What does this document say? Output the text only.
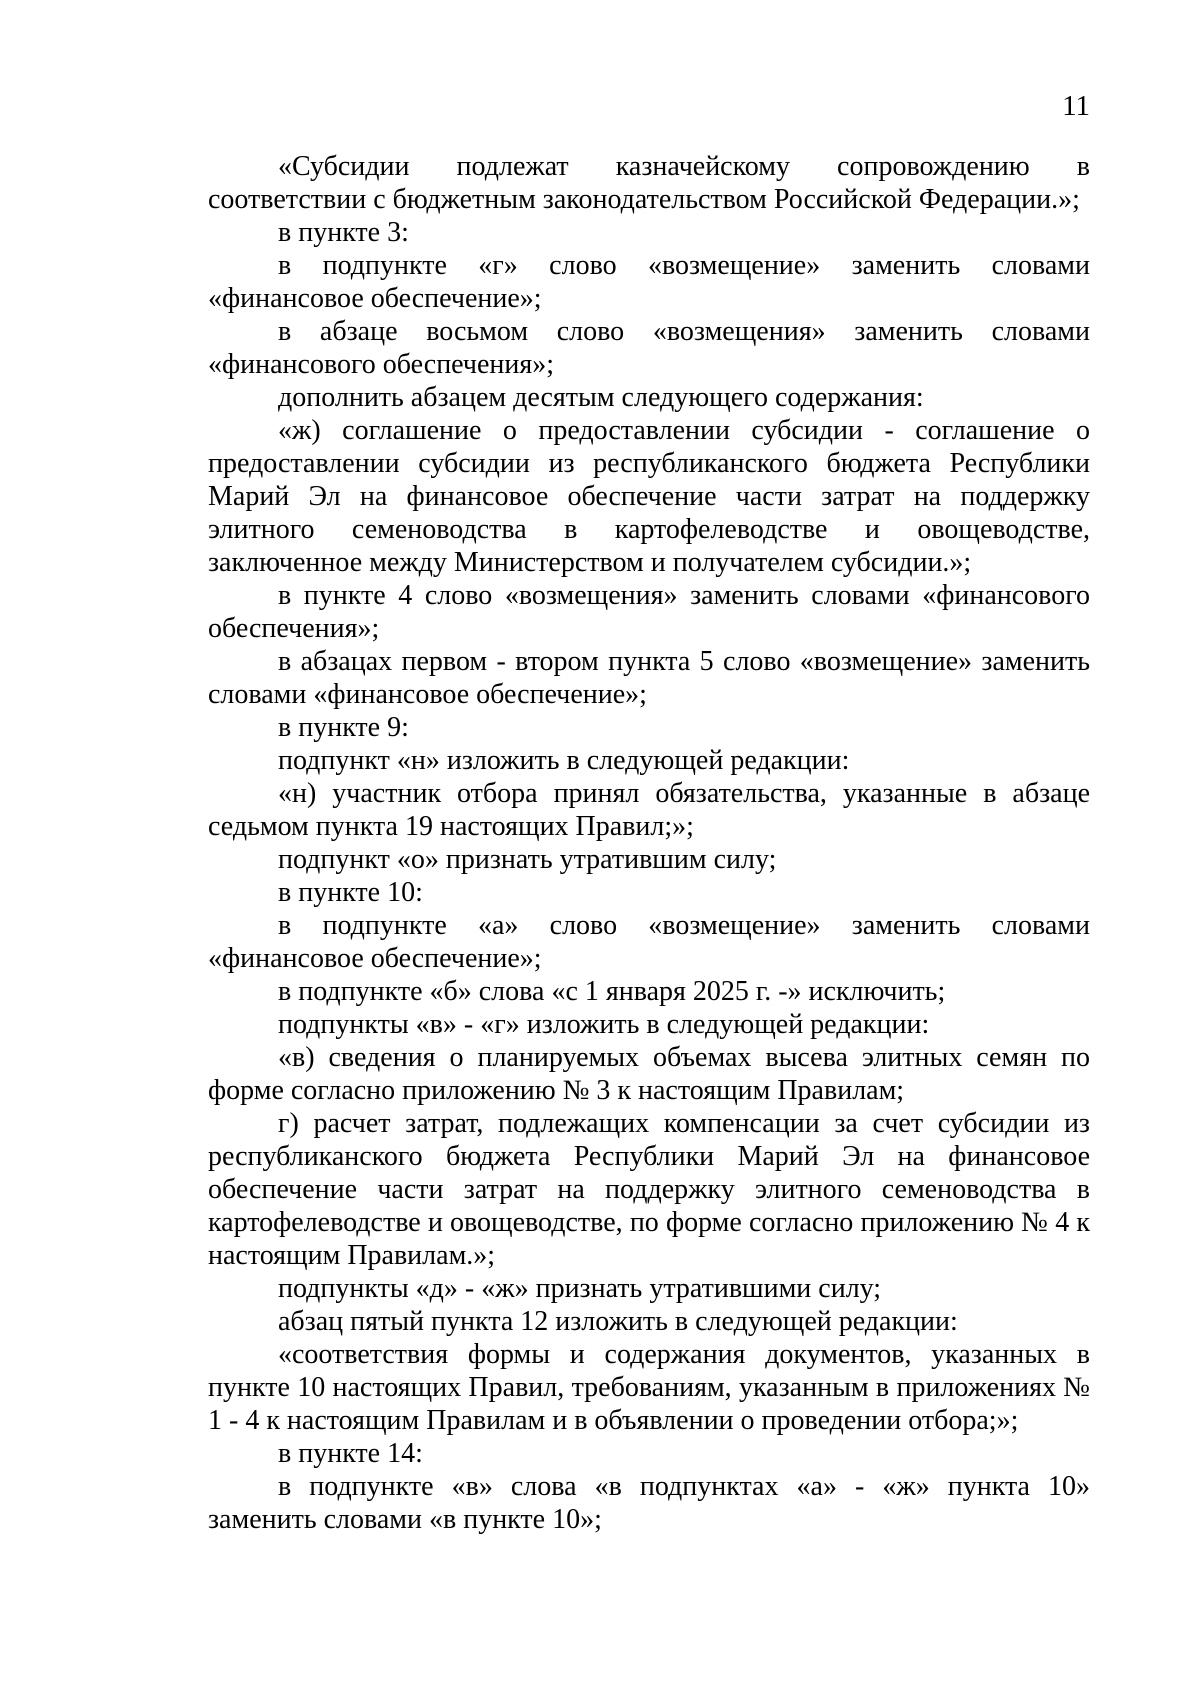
11

«Субсидии подлежат казначейскому сопровождению в соответствии с бюджетным законодательством Российской Федерации.»;

в пункте 3:

в подпункте «г» слово «возмещение» заменить словами «финансовое обеспечение»;

в абзаце восьмом слово «возмещения» заменить словами «финансового обеспечения»;

дополнить абзацем десятым следующего содержания:

«ж) соглашение о предоставлении субсидии - соглашение о предоставлении субсидии из республиканского бюджета Республики Марий Эл на финансовое обеспечение части затрат на поддержку элитного семеноводства в картофелеводстве и овощеводстве, заключенное между Министерством и получателем субсидии.»;

в пункте 4 слово «возмещения» заменить словами «финансового обеспечения»;

в абзацах первом - втором пункта 5 слово «возмещение» заменить словами «финансовое обеспечение»;

в пункте 9:

подпункт «н» изложить в следующей редакции:

«н) участник отбора принял обязательства, указанные в абзаце седьмом пункта 19 настоящих Правил;»;

подпункт «о» признать утратившим силу;

в пункте 10:

в подпункте «а» слово «возмещение» заменить словами «финансовое обеспечение»;

в подпункте «б» слова «с 1 января 2025 г. -» исключить;

подпункты «в» - «г» изложить в следующей редакции:

«в) сведения о планируемых объемах высева элитных семян по форме согласно приложению № 3 к настоящим Правилам;

г) расчет затрат, подлежащих компенсации за счет субсидии из республиканского бюджета Республики Марий Эл на финансовое обеспечение части затрат на поддержку элитного семеноводства в картофелеводстве и овощеводстве, по форме согласно приложению № 4 к настоящим Правилам.»;

подпункты «д» - «ж» признать утратившими силу;

абзац пятый пункта 12 изложить в следующей редакции:

«соответствия формы и содержания документов, указанных в пункте 10 настоящих Правил, требованиям, указанным в приложениях № 1 - 4 к настоящим Правилам и в объявлении о проведении отбора;»;

в пункте 14:

в подпункте «в» слова «в подпунктах «а» - «ж» пункта 10» заменить словами «в пункте 10»;
